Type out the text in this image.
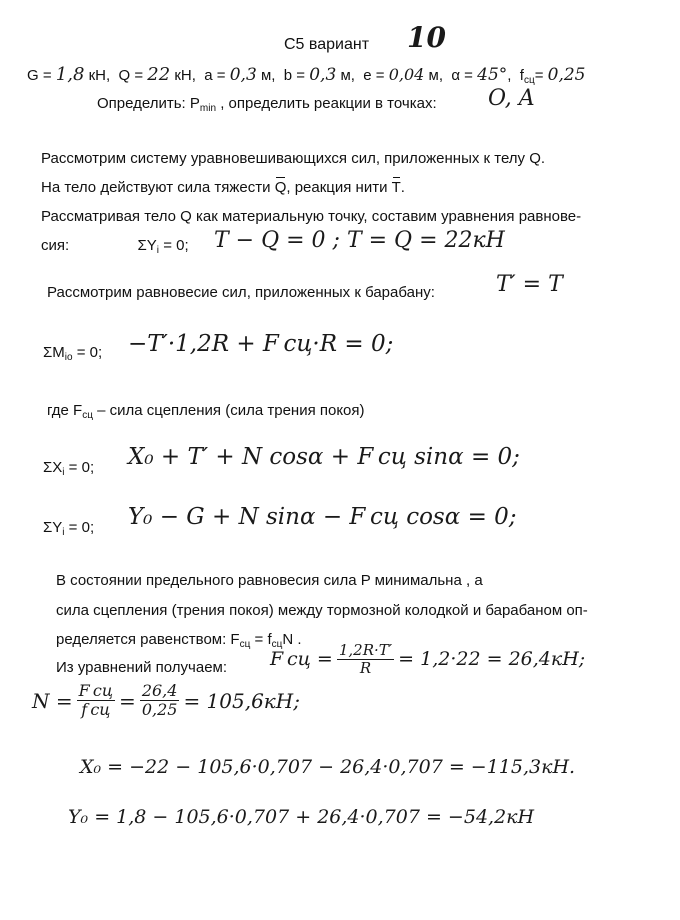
C5 вариант 10
G = 1,8 кН, Q = 22 кН, a = 0,3 м, b = 0,3 м, e = 0,04 м, α = 45°, $f_{сц}= 0,25$
Определить: $P_{min}$ , определить реакции в точках: O, A
Рассмотрим систему уравновешивающихся сил, приложенных к телу Q.
На тело действуют сила тяжести Q, реакция нити T.
Рассматривая тело Q как материальную точку, составим уравнения равнове-
сия:	$\Sigma Y_i = 0$; T − Q = 0 ; T = Q = 22кН
Рассмотрим равновесие сил, приложенных к барабану:	T′ = T
$\Sigma M_{io} = 0$; −T′·1,2R + F сц·R = 0;
где $F_{сц}$ – сила сцепления (сила трения покоя)
$\Sigma X_i = 0$; X₀ + T′ + N cosα + F сц sinα = 0;
$\Sigma Y_i = 0$; Y₀ − G + N sinα − F сц cosα = 0;
В состоянии предельного равновесия сила P минимальна , а
сила сцепления (трения покоя) между тормозной колодкой и барабаном оп-
ределяется равенством: $F_{сц} = f_{сц}N$ .
Из уравнений получаем: F сц = $\frac{1,2R\cdot T'}{R} = 1,2\cdot 22 = 26,4кН$;
$N = \frac{\text{F сц}}{\text{f сц}} = \frac{26,4}{0,25} = 105,6кН$;
X₀ = −22 − 105,6·0,707 − 26,4·0,707 = −115,3кН.
Y₀ = 1,8 − 105,6·0,707 + 26,4·0,707 = −54,2кН
